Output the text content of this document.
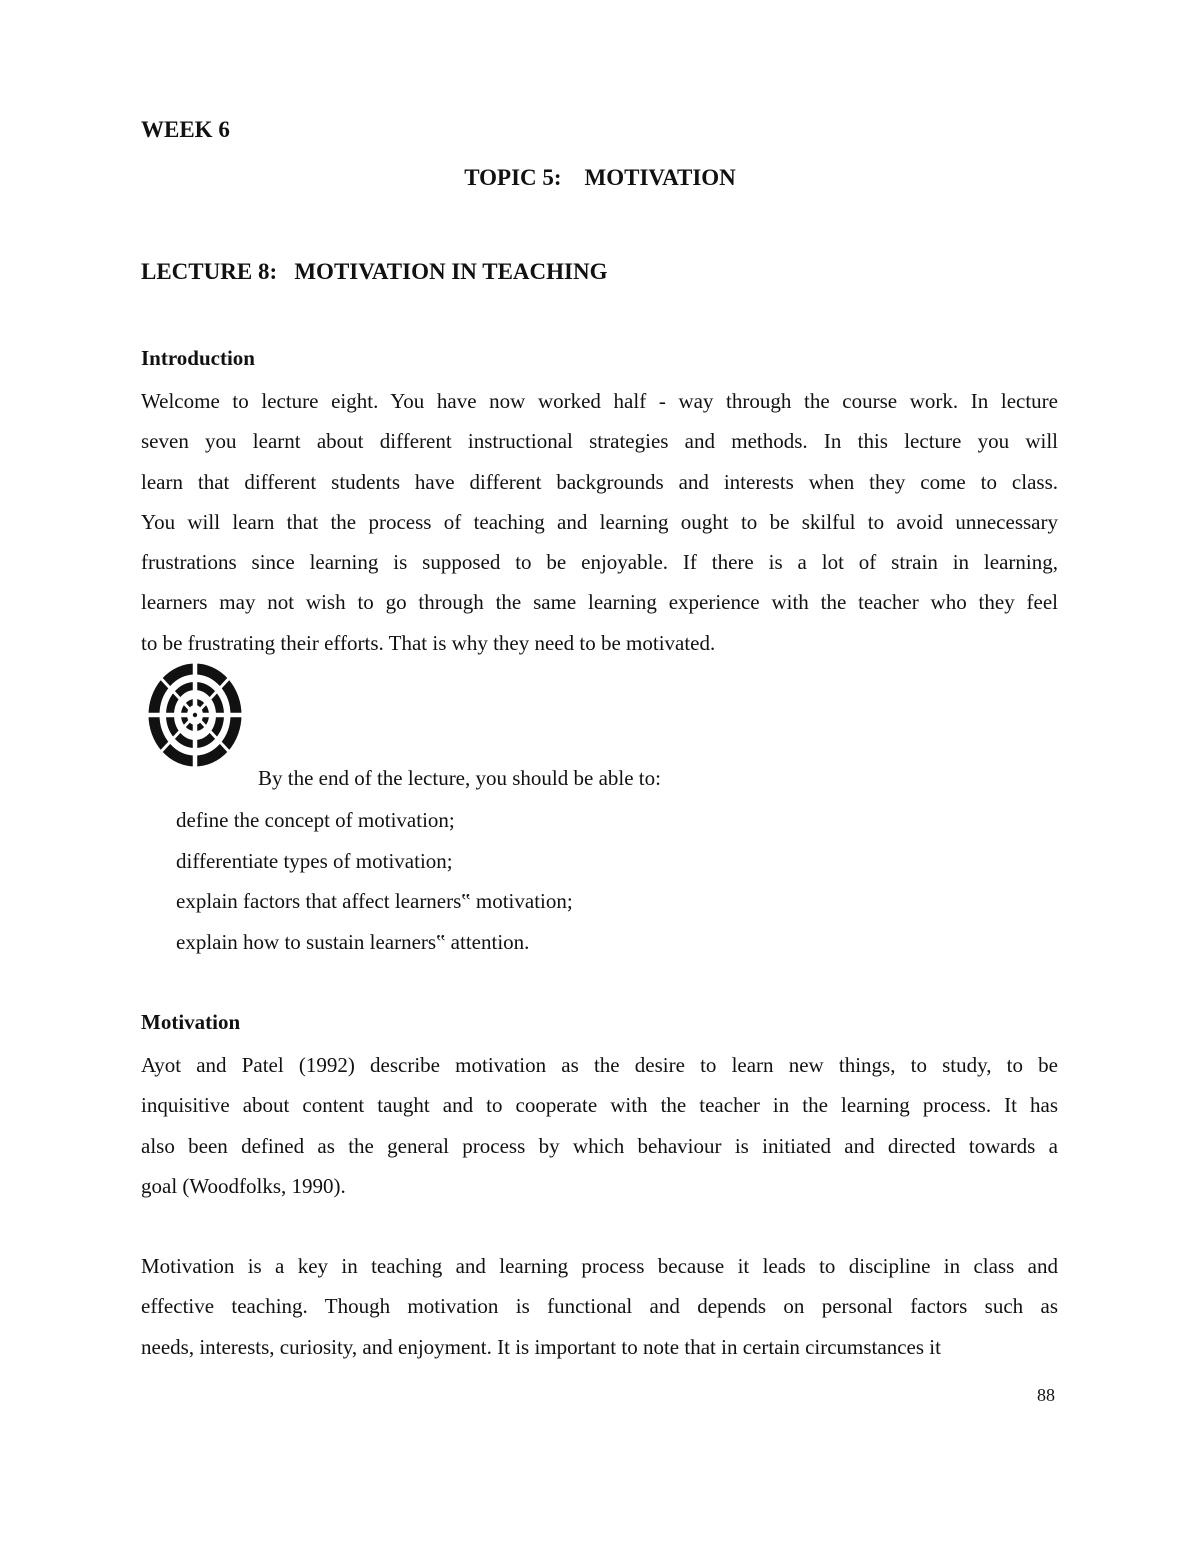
WEEK 6
TOPIC 5:    MOTIVATION
LECTURE 8:   MOTIVATION IN TEACHING
Introduction
Welcome to lecture eight. You have now worked half - way through the course work. In lecture
seven you learnt about different instructional strategies and methods. In this lecture you will
learn that different students have different backgrounds and interests when they come to class.
You will learn that the process of teaching and learning ought to be skilful to avoid unnecessary
frustrations since learning is supposed to be enjoyable. If there is a lot of strain in learning,
learners may not wish to go through the same learning experience with the teacher who they feel
to be frustrating their efforts. That is why they need to be motivated.
By the end of the lecture, you should be able to:
define the concept of motivation;
differentiate types of motivation;
explain factors that affect learners‟ motivation;
explain how to sustain learners‟ attention.
Motivation
Ayot and Patel (1992) describe motivation as the desire to learn new things, to study, to be
inquisitive about content taught and to cooperate with the teacher in the learning process. It has
also been defined as the general process by which behaviour is initiated and directed towards a
goal (Woodfolks, 1990).
Motivation is a key in teaching and learning process because it leads to discipline in class and
effective teaching. Though motivation is functional and depends on personal factors such as
needs, interests, curiosity, and enjoyment. It is important to note that in certain circumstances it
88
